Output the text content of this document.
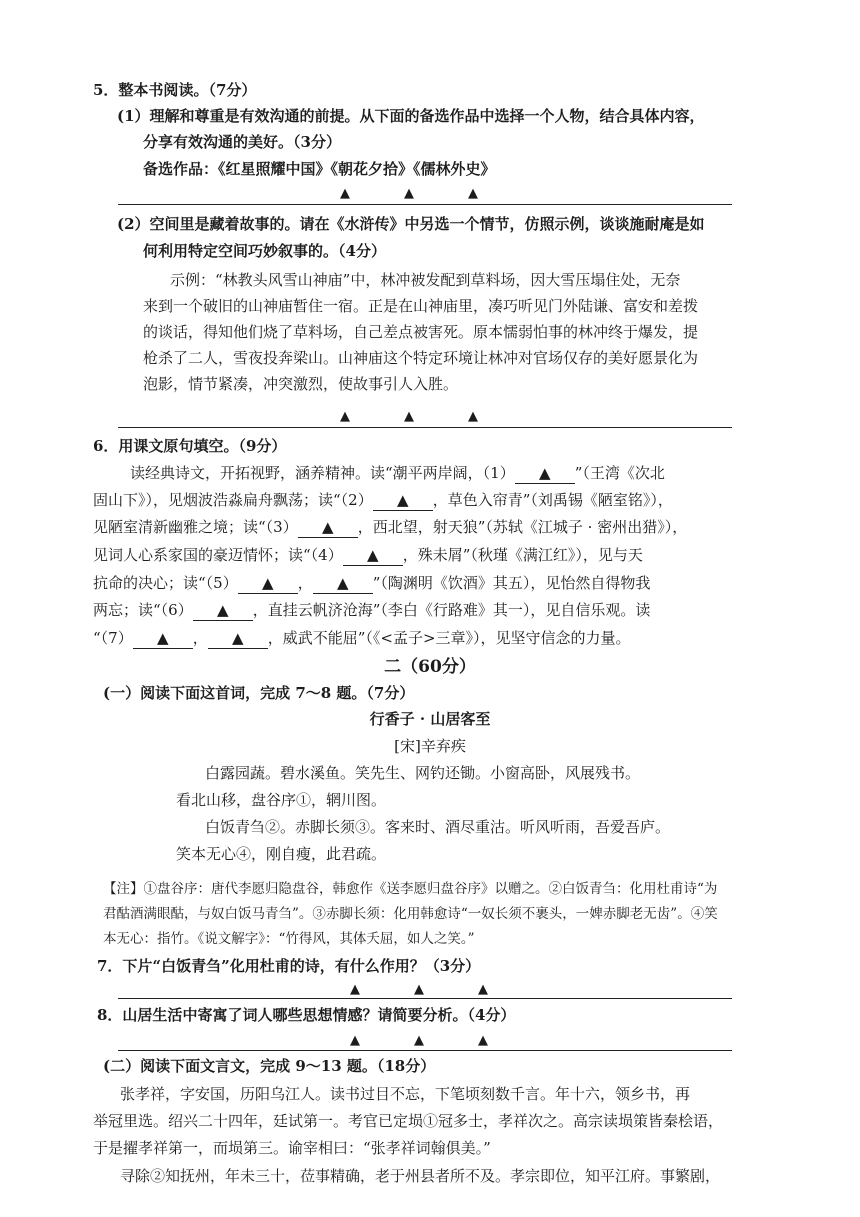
5．整本书阅读。（7分）
(1）理解和尊重是有效沟通的前提。从下面的备选作品中选择一个人物，结合具体内容，
分享有效沟通的美好。（3分）
备选作品：《红星照耀中国》《朝花夕拾》《儒林外史》
▲	▲	▲
(2）空间里是藏着故事的。请在《水浒传》中另选一个情节，仿照示例，谈谈施耐庵是如
何利用特定空间巧妙叙事的。（4分）
示例：“林教头风雪山神庙”中，林冲被发配到草料场，因大雪压塌住处，无奈
来到一个破旧的山神庙暂住一宿。正是在山神庙里，凑巧听见门外陆谦、富安和差拨
的谈话，得知他们烧了草料场，自己差点被害死。原本懦弱怕事的林冲终于爆发，提
枪杀了二人，雪夜投奔梁山。山神庙这个特定环境让林冲对官场仅存的美好愿景化为
泡影，情节紧凑，冲突激烈，使故事引人入胜。
▲	▲	▲
6．用课文原句填空。（9分）
读经典诗文，开拓视野，涵养精神。读“潮平两岸阔，（1） ▲ ”（王湾《次北
固山下》），见烟波浩淼扁舟飘荡；读“（2） ▲ ，草色入帘青”（刘禹锡《陋室铭》），
见陋室清新幽雅之境；读“（3） ▲ ，西北望，射天狼”（苏轼《江城子 · 密州出猎》），
见词人心系家国的豪迈情怀；读“（4） ▲ ，殊未屑”（秋瑾《满江红》），见与天
抗命的决心；读“（5） ▲ ， ▲ ”（陶渊明《饮酒》其五），见怡然自得物我
两忘；读“（6） ▲ ，直挂云帆济沧海”（李白《行路难》其一），见自信乐观。读
“（7） ▲ ， ▲ ，威武不能屈”（《<孟子>三章》），见坚守信念的力量。
二（60分）
(一）阅读下面这首词，完成 7～8 题。（7分）
行香子 · 山居客至
[宋]辛弃疾
白露园蔬。碧水溪鱼。笑先生、网钓还锄。小窗高卧，风展残书。
看北山移，盘谷序①，辋川图。
白饭青刍②。赤脚长须③。客来时、酒尽重沽。听风听雨，吾爱吾庐。
笑本无心④，刚自瘦，此君疏。
【注】①盘谷序：唐代李愿归隐盘谷，韩愈作《送李愿归盘谷序》以赠之。②白饭青刍：化用杜甫诗“为
君酤酒满眼酤，与奴白饭马青刍”。③赤脚长须：化用韩愈诗“一奴长须不裹头，一婢赤脚老无齿”。④笑
本无心：指竹。《说文解字》：“竹得风，其体夭屈，如人之笑。”
7．下片“白饭青刍”化用杜甫的诗，有什么作用？（3分）
▲	▲	▲
8．山居生活中寄寓了词人哪些思想情感？请简要分析。（4分）
▲	▲	▲
(二）阅读下面文言文，完成 9～13 题。（18分）
张孝祥，字安国，历阳乌江人。读书过目不忘，下笔顷刻数千言。年十六，领乡书，再
举冠里选。绍兴二十四年，廷试第一。考官已定埙①冠多士，孝祥次之。高宗读埙策皆秦桧语，
于是擢孝祥第一，而埙第三。谕宰相曰：“张孝祥词翰俱美。”
寻除②知抚州，年未三十，莅事精确，老于州县者所不及。孝宗即位，知平江府。事繁剧，
